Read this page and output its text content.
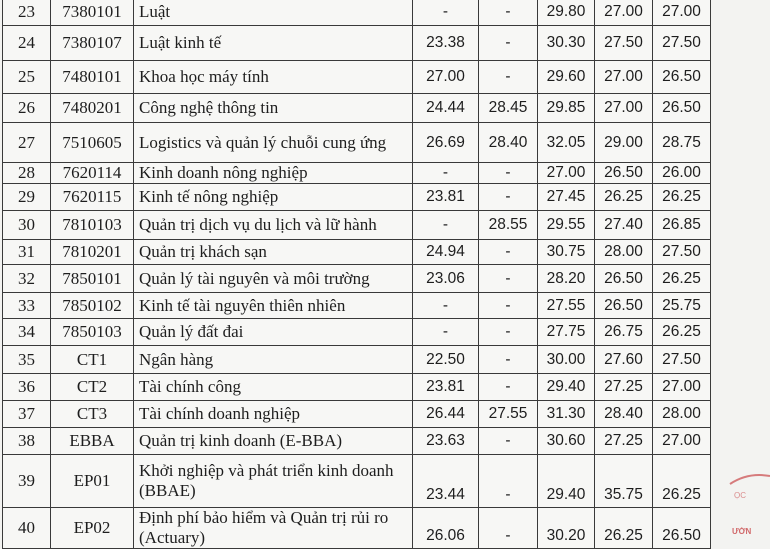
23	7380101	Luật	-	-	29.80	27.00	27.00
24	7380107	Luật kinh tế	23.38	-	30.30	27.50	27.50
25	7480101	Khoa học máy tính	27.00	-	29.60	27.00	26.50
26	7480201	Công nghệ thông tin	24.44	28.45	29.85	27.00	26.50
27	7510605	Logistics và quản lý chuỗi cung ứng	26.69	28.40	32.05	29.00	28.75
28	7620114	Kinh doanh nông nghiệp	-	-	27.00	26.50	26.00
29	7620115	Kinh tế nông nghiệp	23.81	-	27.45	26.25	26.25
30	7810103	Quản trị dịch vụ du lịch và lữ hành	-	28.55	29.55	27.40	26.85
31	7810201	Quản trị khách sạn	24.94	-	30.75	28.00	27.50
32	7850101	Quản lý tài nguyên và môi trường	23.06	-	28.20	26.50	26.25
33	7850102	Kinh tế tài nguyên thiên nhiên	-	-	27.55	26.50	25.75
34	7850103	Quản lý đất đai	-	-	27.75	26.75	26.25
35	CT1	Ngân hàng	22.50	-	30.00	27.60	27.50
36	CT2	Tài chính công	23.81	-	29.40	27.25	27.00
37	CT3	Tài chính doanh nghiệp	26.44	27.55	31.30	28.40	28.00
38	EBBA	Quản trị kinh doanh (E-BBA)	23.63	-	30.60	27.25	27.00
39	EP01	Khởi nghiệp và phát triển kinh doanh (BBAE)	23.44	-	29.40	35.75	26.25
40	EP02	Định phí bảo hiểm và Quản trị rủi ro (Actuary)	26.06	-	30.20	26.25	26.50
ỌC
ƯỜN
